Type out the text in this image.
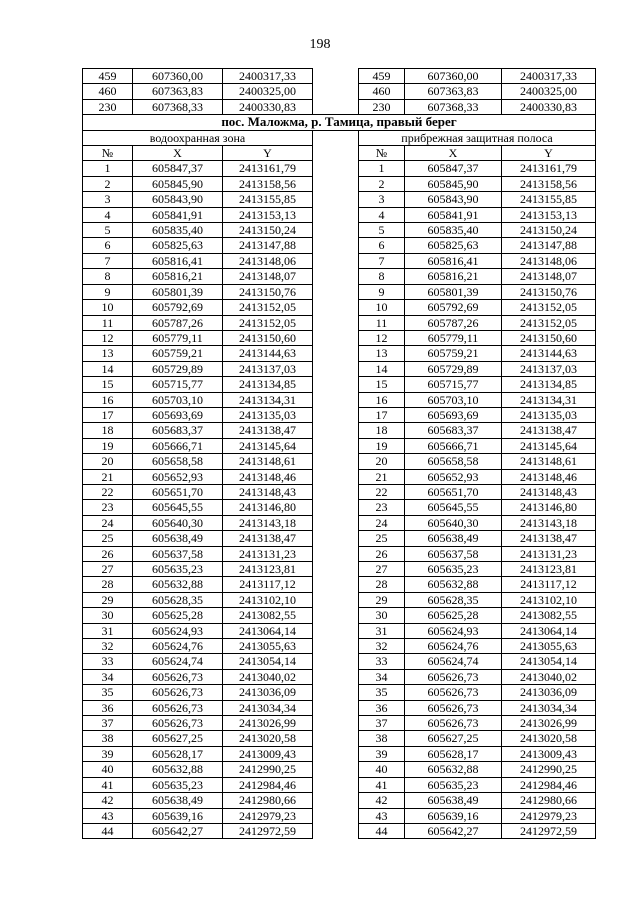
198
459	607360,00	2400317,33		459	607360,00	2400317,33
460	607363,83	2400325,00		460	607363,83	2400325,00
230	607368,33	2400330,83		230	607368,33	2400330,83
пос. Маложма, р. Тамица, правый берег						
водоохранная зона				прибрежная защитная полоса		
№	X	Y		№	X	Y
1	605847,37	2413161,79		1	605847,37	2413161,79
2	605845,90	2413158,56		2	605845,90	2413158,56
3	605843,90	2413155,85		3	605843,90	2413155,85
4	605841,91	2413153,13		4	605841,91	2413153,13
5	605835,40	2413150,24		5	605835,40	2413150,24
6	605825,63	2413147,88		6	605825,63	2413147,88
7	605816,41	2413148,06		7	605816,41	2413148,06
8	605816,21	2413148,07		8	605816,21	2413148,07
9	605801,39	2413150,76		9	605801,39	2413150,76
10	605792,69	2413152,05		10	605792,69	2413152,05
11	605787,26	2413152,05		11	605787,26	2413152,05
12	605779,11	2413150,60		12	605779,11	2413150,60
13	605759,21	2413144,63		13	605759,21	2413144,63
14	605729,89	2413137,03		14	605729,89	2413137,03
15	605715,77	2413134,85		15	605715,77	2413134,85
16	605703,10	2413134,31		16	605703,10	2413134,31
17	605693,69	2413135,03		17	605693,69	2413135,03
18	605683,37	2413138,47		18	605683,37	2413138,47
19	605666,71	2413145,64		19	605666,71	2413145,64
20	605658,58	2413148,61		20	605658,58	2413148,61
21	605652,93	2413148,46		21	605652,93	2413148,46
22	605651,70	2413148,43		22	605651,70	2413148,43
23	605645,55	2413146,80		23	605645,55	2413146,80
24	605640,30	2413143,18		24	605640,30	2413143,18
25	605638,49	2413138,47		25	605638,49	2413138,47
26	605637,58	2413131,23		26	605637,58	2413131,23
27	605635,23	2413123,81		27	605635,23	2413123,81
28	605632,88	2413117,12		28	605632,88	2413117,12
29	605628,35	2413102,10		29	605628,35	2413102,10
30	605625,28	2413082,55		30	605625,28	2413082,55
31	605624,93	2413064,14		31	605624,93	2413064,14
32	605624,76	2413055,63		32	605624,76	2413055,63
33	605624,74	2413054,14		33	605624,74	2413054,14
34	605626,73	2413040,02		34	605626,73	2413040,02
35	605626,73	2413036,09		35	605626,73	2413036,09
36	605626,73	2413034,34		36	605626,73	2413034,34
37	605626,73	2413026,99		37	605626,73	2413026,99
38	605627,25	2413020,58		38	605627,25	2413020,58
39	605628,17	2413009,43		39	605628,17	2413009,43
40	605632,88	2412990,25		40	605632,88	2412990,25
41	605635,23	2412984,46		41	605635,23	2412984,46
42	605638,49	2412980,66		42	605638,49	2412980,66
43	605639,16	2412979,23		43	605639,16	2412979,23
44	605642,27	2412972,59		44	605642,27	2412972,59
